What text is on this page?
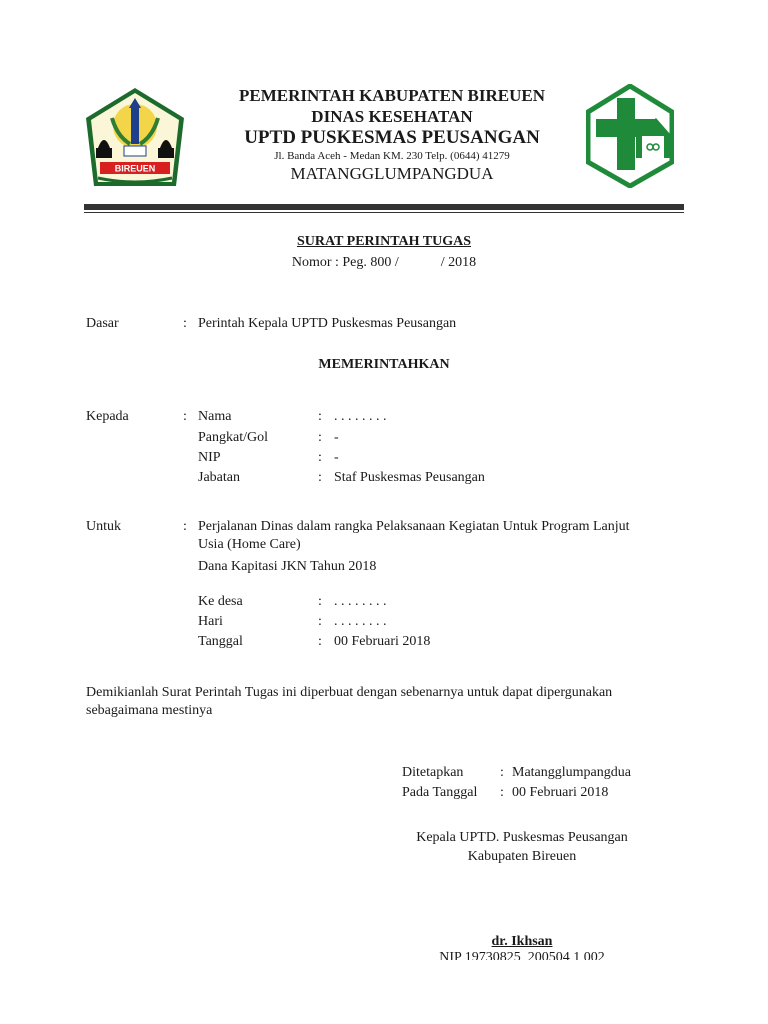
BIREUEN
PEMERINTAH KABUPATEN BIREUEN
DINAS KESEHATAN
UPTD PUSKESMAS PEUSANGAN
Jl. Banda Aceh - Medan KM. 230 Telp. (0644) 41279
MATANGGLUMPANGDUA
SURAT PERINTAH TUGAS
Nomor : Peg. 800 /            / 2018
Dasar	: Perintah Kepala UPTD Puskesmas Peusangan
MEMERINTAHKAN
Kepada	: Nama	: . . . . . . . .
Pangkat/Gol	: -
NIP	: -
Jabatan	: Staf Puskesmas Peusangan
Untuk	: Perjalanan Dinas dalam rangka Pelaksanaan Kegiatan Untuk Program Lanjut
Usia (Home Care)
Dana Kapitasi JKN Tahun 2018
Ke desa	: . . . . . . . .
Hari	: . . . . . . . .
Tanggal	: 00 Februari 2018
Demikianlah Surat Perintah Tugas ini diperbuat dengan sebenarnya untuk dapat dipergunakan
sebagaimana mestinya
Ditetapkan	: Matangglumpangdua
Pada Tanggal : 00 Februari 2018
Kepala UPTD. Puskesmas Peusangan
Kabupaten Bireuen
dr. Ikhsan
NIP 19730825  200504 1 002
